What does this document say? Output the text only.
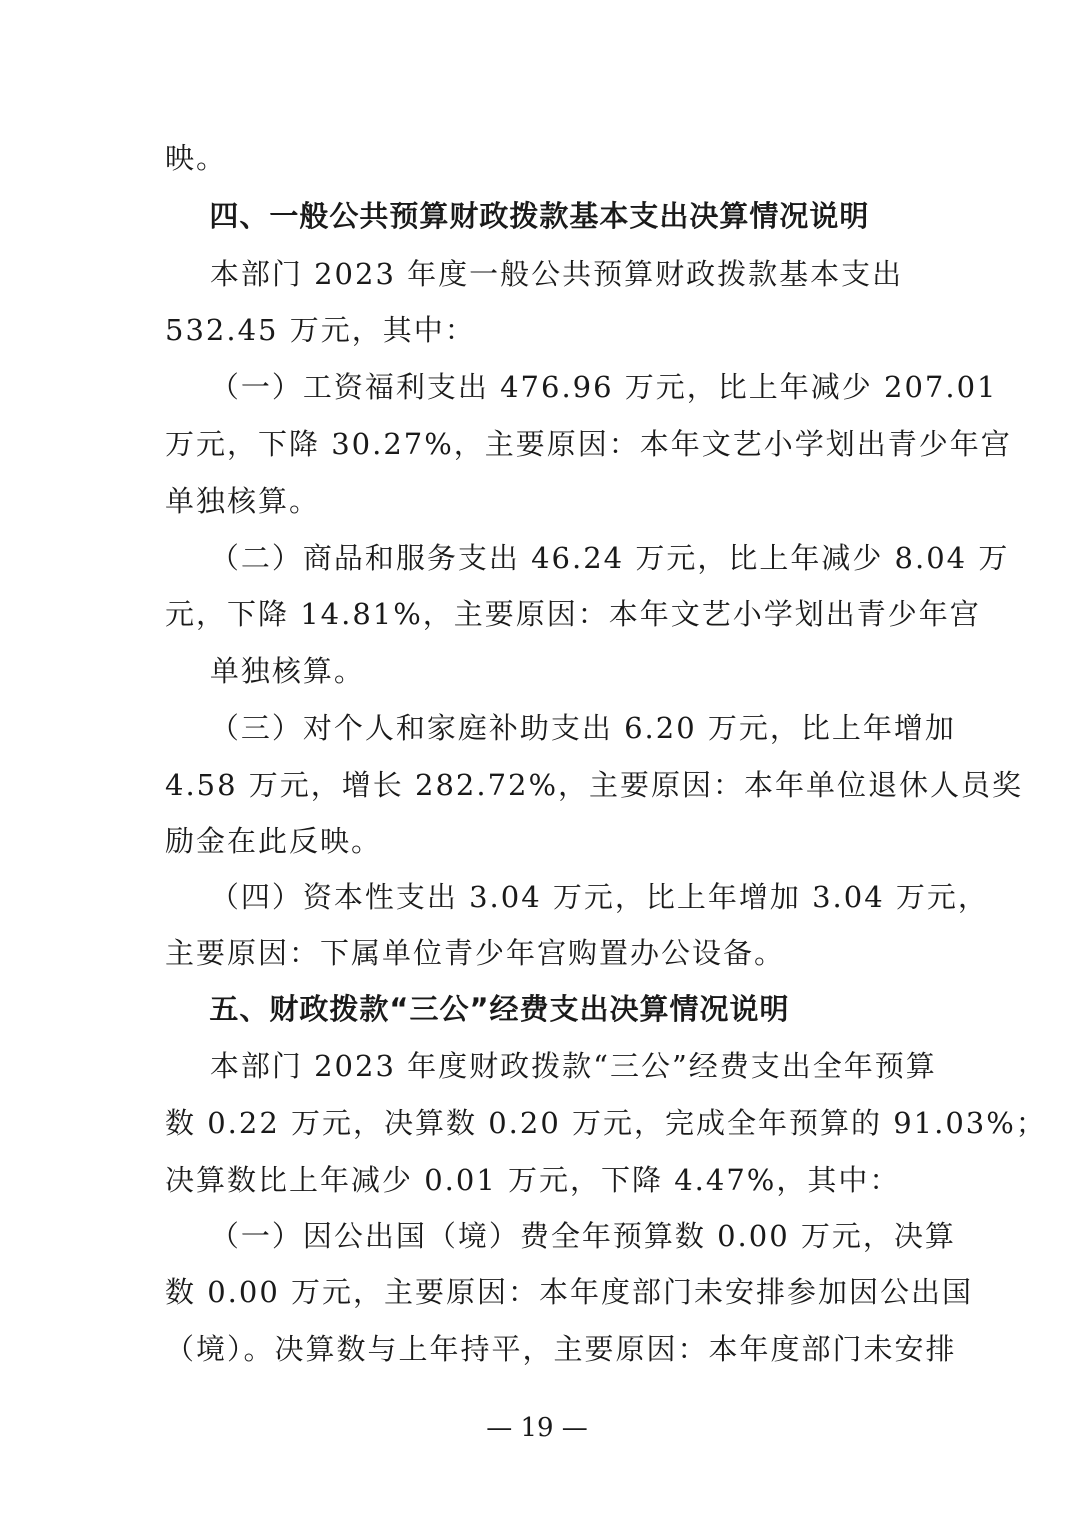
映。
四、一般公共预算财政拨款基本支出决算情况说明
本部门 2023 年度一般公共预算财政拨款基本支出
532.45 万元，其中：
（一）工资福利支出 476.96 万元，比上年减少 207.01
万元，下降 30.27%，主要原因：本年文艺小学划出青少年宫
单独核算。
（二）商品和服务支出 46.24 万元，比上年减少 8.04 万
元，下降 14.81%，主要原因：本年文艺小学划出青少年宫
单独核算。
（三）对个人和家庭补助支出 6.20 万元，比上年增加
4.58 万元，增长 282.72%，主要原因：本年单位退休人员奖
励金在此反映。
（四）资本性支出 3.04 万元，比上年增加 3.04 万元，
主要原因：下属单位青少年宫购置办公设备。
五、财政拨款“三公”经费支出决算情况说明
本部门 2023 年度财政拨款“三公”经费支出全年预算
数 0.22 万元，决算数 0.20 万元，完成全年预算的 91.03%；
决算数比上年减少 0.01 万元，下降 4.47%，其中：
（一）因公出国（境）费全年预算数 0.00 万元，决算
数 0.00 万元，主要原因：本年度部门未安排参加因公出国
（境）。决算数与上年持平，主要原因：本年度部门未安排
— 19 —
